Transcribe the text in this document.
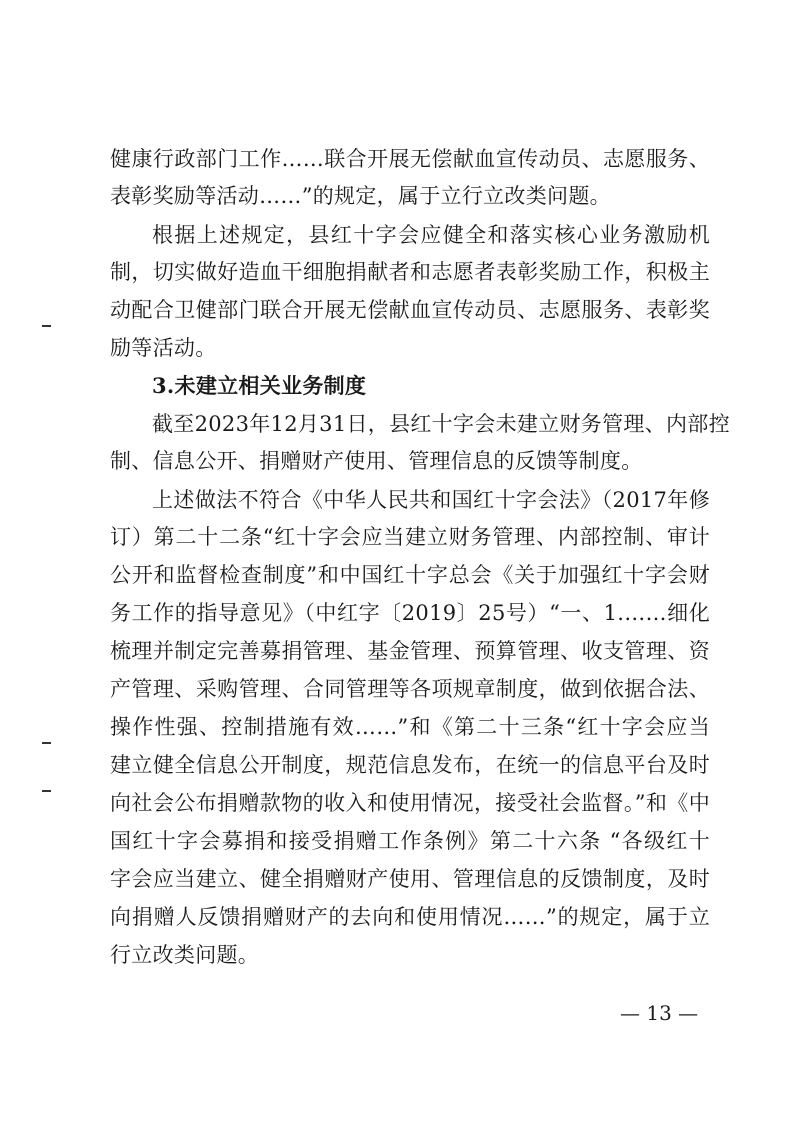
健康行政部门工作……联合开展无偿献血宣传动员、志愿服务、
表彰奖励等活动……”的规定，属于立行立改类问题。
根据上述规定，县红十字会应健全和落实核心业务激励机
制，切实做好造血干细胞捐献者和志愿者表彰奖励工作，积极主
动配合卫健部门联合开展无偿献血宣传动员、志愿服务、表彰奖
励等活动。
3.未建立相关业务制度
截至2023年12月31日，县红十字会未建立财务管理、内部控
制、信息公开、捐赠财产使用、管理信息的反馈等制度。
上述做法不符合《中华人民共和国红十字会法》（2017年修
订）第二十二条“红十字会应当建立财务管理、内部控制、审计
公开和监督检查制度”和中国红十字总会《关于加强红十字会财
务工作的指导意见》（中红字〔2019〕25号）“一、1.……细化
梳理并制定完善募捐管理、基金管理、预算管理、收支管理、资
产管理、采购管理、合同管理等各项规章制度，做到依据合法、
操作性强、控制措施有效……”和《第二十三条“红十字会应当
建立健全信息公开制度，规范信息发布，在统一的信息平台及时
向社会公布捐赠款物的收入和使用情况，接受社会监督。”和《中
国红十字会募捐和接受捐赠工作条例》第二十六条 “各级红十
字会应当建立、健全捐赠财产使用、管理信息的反馈制度，及时
向捐赠人反馈捐赠财产的去向和使用情况……”的规定，属于立
行立改类问题。
— 13 —
